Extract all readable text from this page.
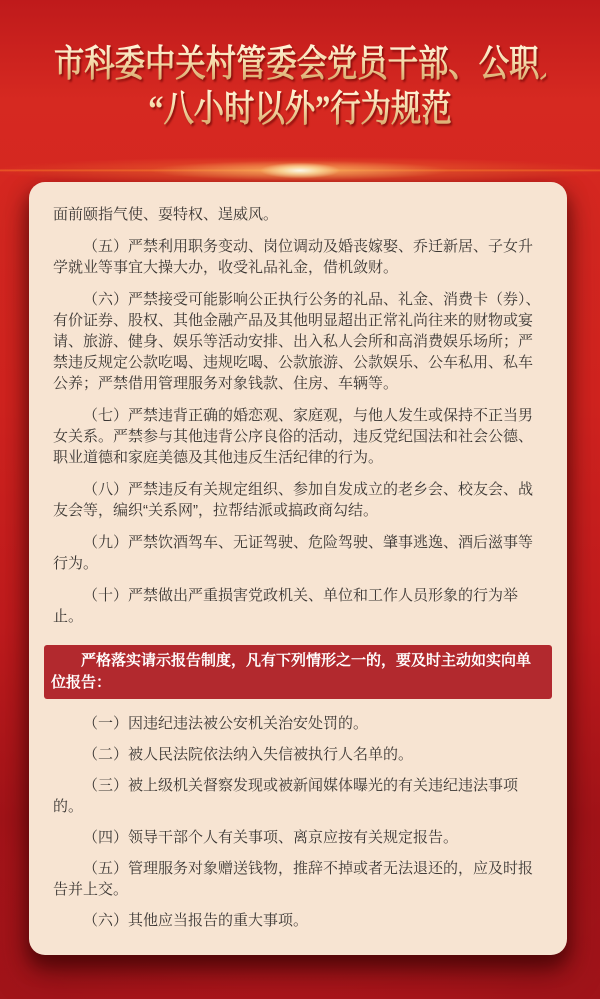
市科委中关村管委会党员干部、公职人员
“八小时以外”行为规范

面前颐指气使、耍特权、逞威风。

（五）严禁利用职务变动、岗位调动及婚丧嫁娶、乔迁新居、子女升学就业等事宜大操大办，收受礼品礼金，借机敛财。

（六）严禁接受可能影响公正执行公务的礼品、礼金、消费卡（券）、有价证券、股权、其他金融产品及其他明显超出正常礼尚往来的财物或宴请、旅游、健身、娱乐等活动安排、出入私人会所和高消费娱乐场所；严禁违反规定公款吃喝、违规吃喝、公款旅游、公款娱乐、公车私用、私车公养；严禁借用管理服务对象钱款、住房、车辆等。

（七）严禁违背正确的婚恋观、家庭观，与他人发生或保持不正当男女关系。严禁参与其他违背公序良俗的活动，违反党纪国法和社会公德、职业道德和家庭美德及其他违反生活纪律的行为。

（八）严禁违反有关规定组织、参加自发成立的老乡会、校友会、战友会等，编织“关系网”，拉帮结派或搞政商勾结。

（九）严禁饮酒驾车、无证驾驶、危险驾驶、肇事逃逸、酒后滋事等行为。

（十）严禁做出严重损害党政机关、单位和工作人员形象的行为举止。

严格落实请示报告制度，凡有下列情形之一的，要及时主动如实向单位报告：

（一）因违纪违法被公安机关治安处罚的。

（二）被人民法院依法纳入失信被执行人名单的。

（三）被上级机关督察发现或被新闻媒体曝光的有关违纪违法事项的。

（四）领导干部个人有关事项、离京应按有关规定报告。

（五）管理服务对象赠送钱物，推辞不掉或者无法退还的，应及时报告并上交。

（六）其他应当报告的重大事项。
